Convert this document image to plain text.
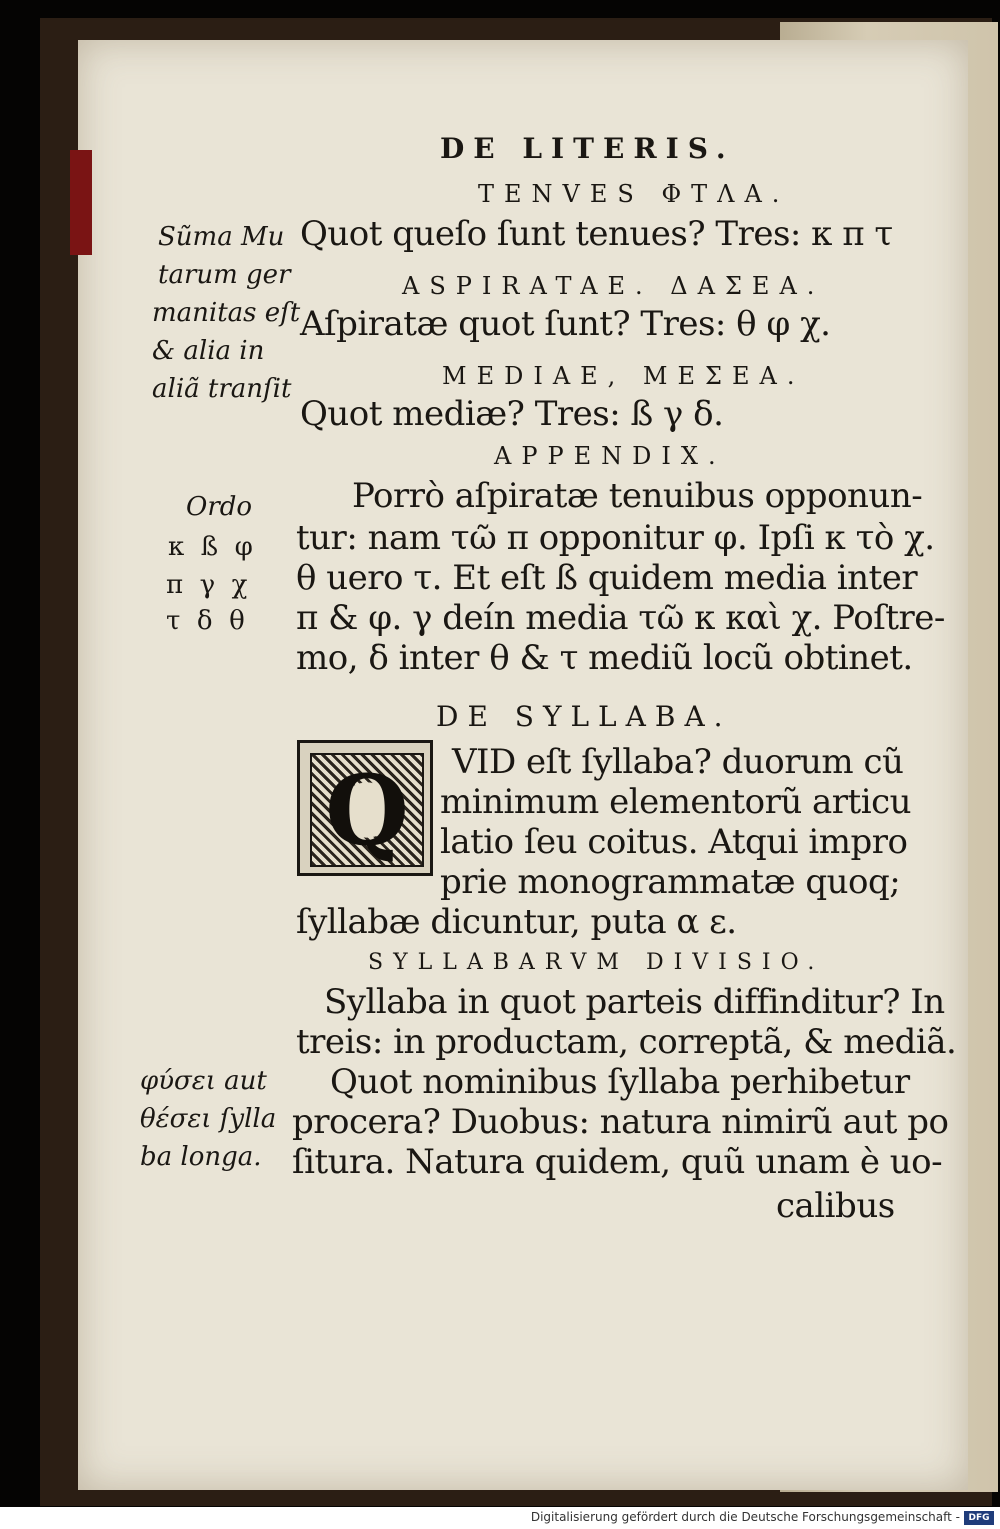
DE LITERIS.
TENVES ΦΤΛΑ.
Quot queſo ſunt tenues? Tres: κ π τ
ASPIRATAE. ΔΑΣΕΑ.
Aſpiratæ quot ſunt? Tres: θ φ χ.
MEDIAE, ΜΕΣΕΑ.
Quot mediæ? Tres: ß γ δ.
APPENDIX.
Porrò aſpiratæ tenuibus opponun-
tur: nam τῶ π opponitur φ. Ipſi κ τὸ χ.
θ uero τ. Et eſt ß quidem media inter
π & φ. γ deín media τῶ κ καὶ χ. Poſtre-
mo, δ inter θ & τ mediũ locũ obtinet.
DE SYLLABA.
Q	VID eſt ſyllaba? duorum cũ
minimum elementorũ articu
latio ſeu coitus. Atqui impro
prie monogrammatæ quoq;
ſyllabæ dicuntur, puta α ε.
SYLLABARVM DIVISIO.
Syllaba in quot parteis diffinditur? In
treis: in productam, correptã, & mediã.
Quot nominibus ſyllaba perhibetur
procera? Duobus: natura nimirũ aut po
ſitura. Natura quidem, quũ unam è uo-
calibus
Sũma Mu
tarum ger
manitas eſt
& alia in
aliã tranſit
Ordo
κ  ß  φ
π  γ  χ
τ  δ  θ
φύσει aut
θέσει ſylla
ba longa.
Digitalisierung gefördert durch die Deutsche Forschungsgemeinschaft - DFG
